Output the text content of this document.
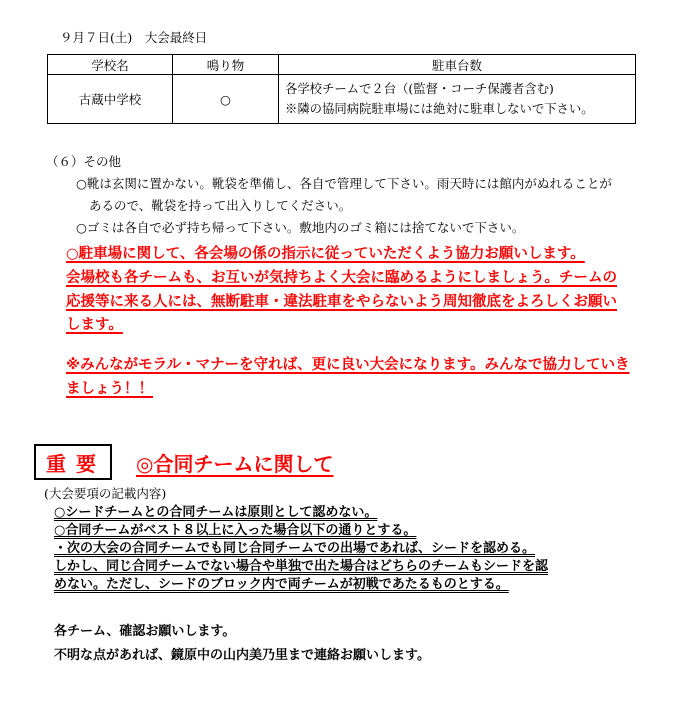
９月７日(土)　大会最終日
学校名	鳴り物	駐車台数
古蔵中学校	○	各学校チームで２台（(監督・コーチ保護者含む)
※隣の協同病院駐車場には絶対に駐車しないで下さい。
（６）その他
○靴は玄関に置かない。靴袋を準備し、各自で管理して下さい。雨天時には館内がぬれることが
あるので、靴袋を持って出入りしてください。
○ゴミは各自で必ず持ち帰って下さい。敷地内のゴミ箱には捨てないで下さい。
○駐車場に関して、各会場の係の指示に従っていただくよう協力お願いします。
会場校も各チームも、お互いが気持ちよく大会に臨めるようにしましょう。チームの
応援等に来る人には、無断駐車・違法駐車をやらないよう周知徹底をよろしくお願い
します。
※みんながモラル・マナーを守れば、更に良い大会になります。みんなで協力していき
ましょう！！
重要	◎合同チームに関して
(大会要項の記載内容)
○シードチームとの合同チームは原則として認めない。
○合同チームがベスト８以上に入った場合以下の通りとする。
・次の大会の合同チームでも同じ合同チームでの出場であれば、シードを認める。
しかし、同じ合同チームでない場合や単独で出た場合はどちらのチームもシードを認
めない。ただし、シードのブロック内で両チームが初戦であたるものとする。
各チーム、確認お願いします。
不明な点があれば、鏡原中の山内美乃里まで連絡お願いします。
